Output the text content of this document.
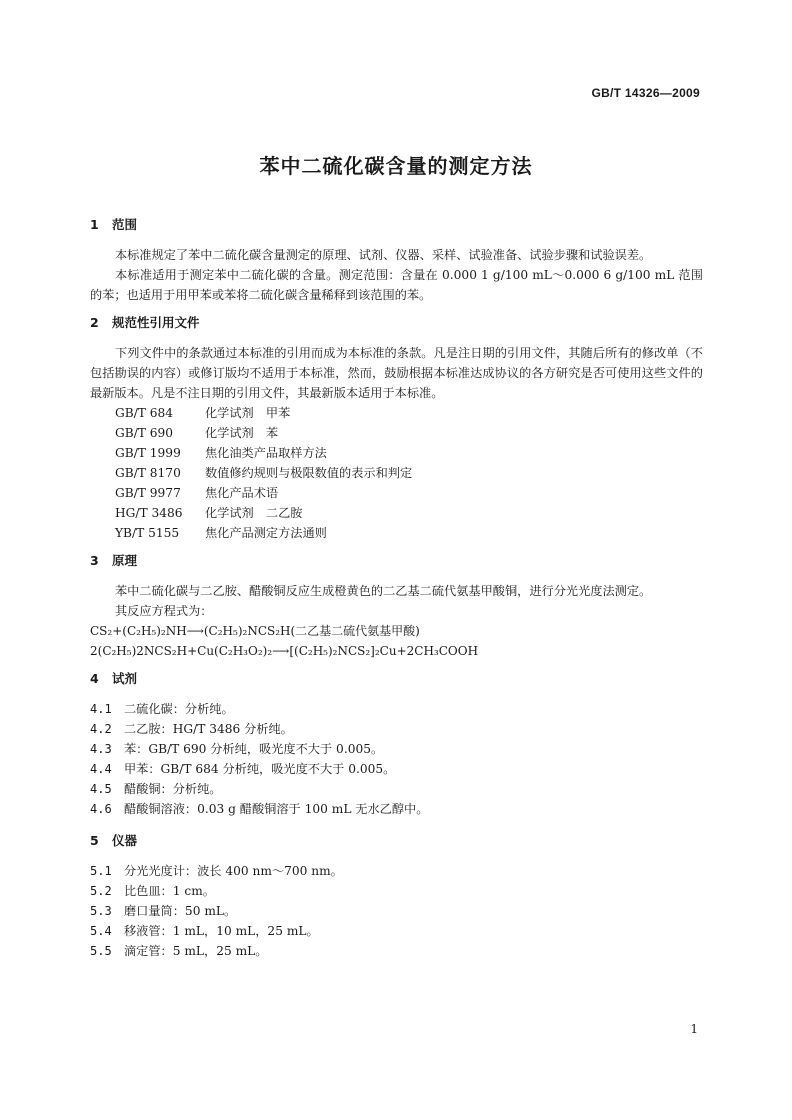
GB/T 14326—2009
苯中二硫化碳含量的测定方法
1 范围

本标准规定了苯中二硫化碳含量测定的原理、试剂、仪器、采样、试验准备、试验步骤和试验误差。

本标准适用于测定苯中二硫化碳的含量。测定范围：含量在 0.000 1 g/100 mL～0.000 6 g/100 mL 范围的苯；也适用于用甲苯或苯将二硫化碳含量稀释到该范围的苯。

2 规范性引用文件

下列文件中的条款通过本标准的引用而成为本标准的条款。凡是注日期的引用文件，其随后所有的修改单（不包括勘误的内容）或修订版均不适用于本标准，然而，鼓励根据本标准达成协议的各方研究是否可使用这些文件的最新版本。凡是不注日期的引用文件，其最新版本适用于本标准。

GB/T 684	化学试剂　甲苯

GB/T 690	化学试剂　苯

GB/T 1999 焦化油类产品取样方法

GB/T 8170 数值修约规则与极限数值的表示和判定

GB/T 9977 焦化产品术语

HG/T 3486 化学试剂　二乙胺

YB/T 5155 焦化产品测定方法通则

3 原理

苯中二硫化碳与二乙胺、醋酸铜反应生成橙黄色的二乙基二硫代氨基甲酸铜，进行分光光度法测定。

其反应方程式为：

CS₂+(C₂H₅)₂NH⟶(C₂H₅)₂NCS₂H(二乙基二硫代氨基甲酸)

2(C₂H₅)2NCS₂H+Cu(C₂H₃O₂)₂⟶[(C₂H₅)₂NCS₂]₂Cu+2CH₃COOH

4 试剂

4.1 二硫化碳：分析纯。

4.2 二乙胺：HG/T 3486 分析纯。

4.3 苯：GB/T 690 分析纯，吸光度不大于 0.005。

4.4 甲苯：GB/T 684 分析纯，吸光度不大于 0.005。

4.5 醋酸铜：分析纯。

4.6 醋酸铜溶液：0.03 g 醋酸铜溶于 100 mL 无水乙醇中。

5 仪器

5.1 分光光度计：波长 400 nm～700 nm。

5.2 比色皿：1 cm。

5.3 磨口量筒：50 mL。

5.4 移液管：1 mL，10 mL，25 mL。

5.5 滴定管：5 mL，25 mL。

1
